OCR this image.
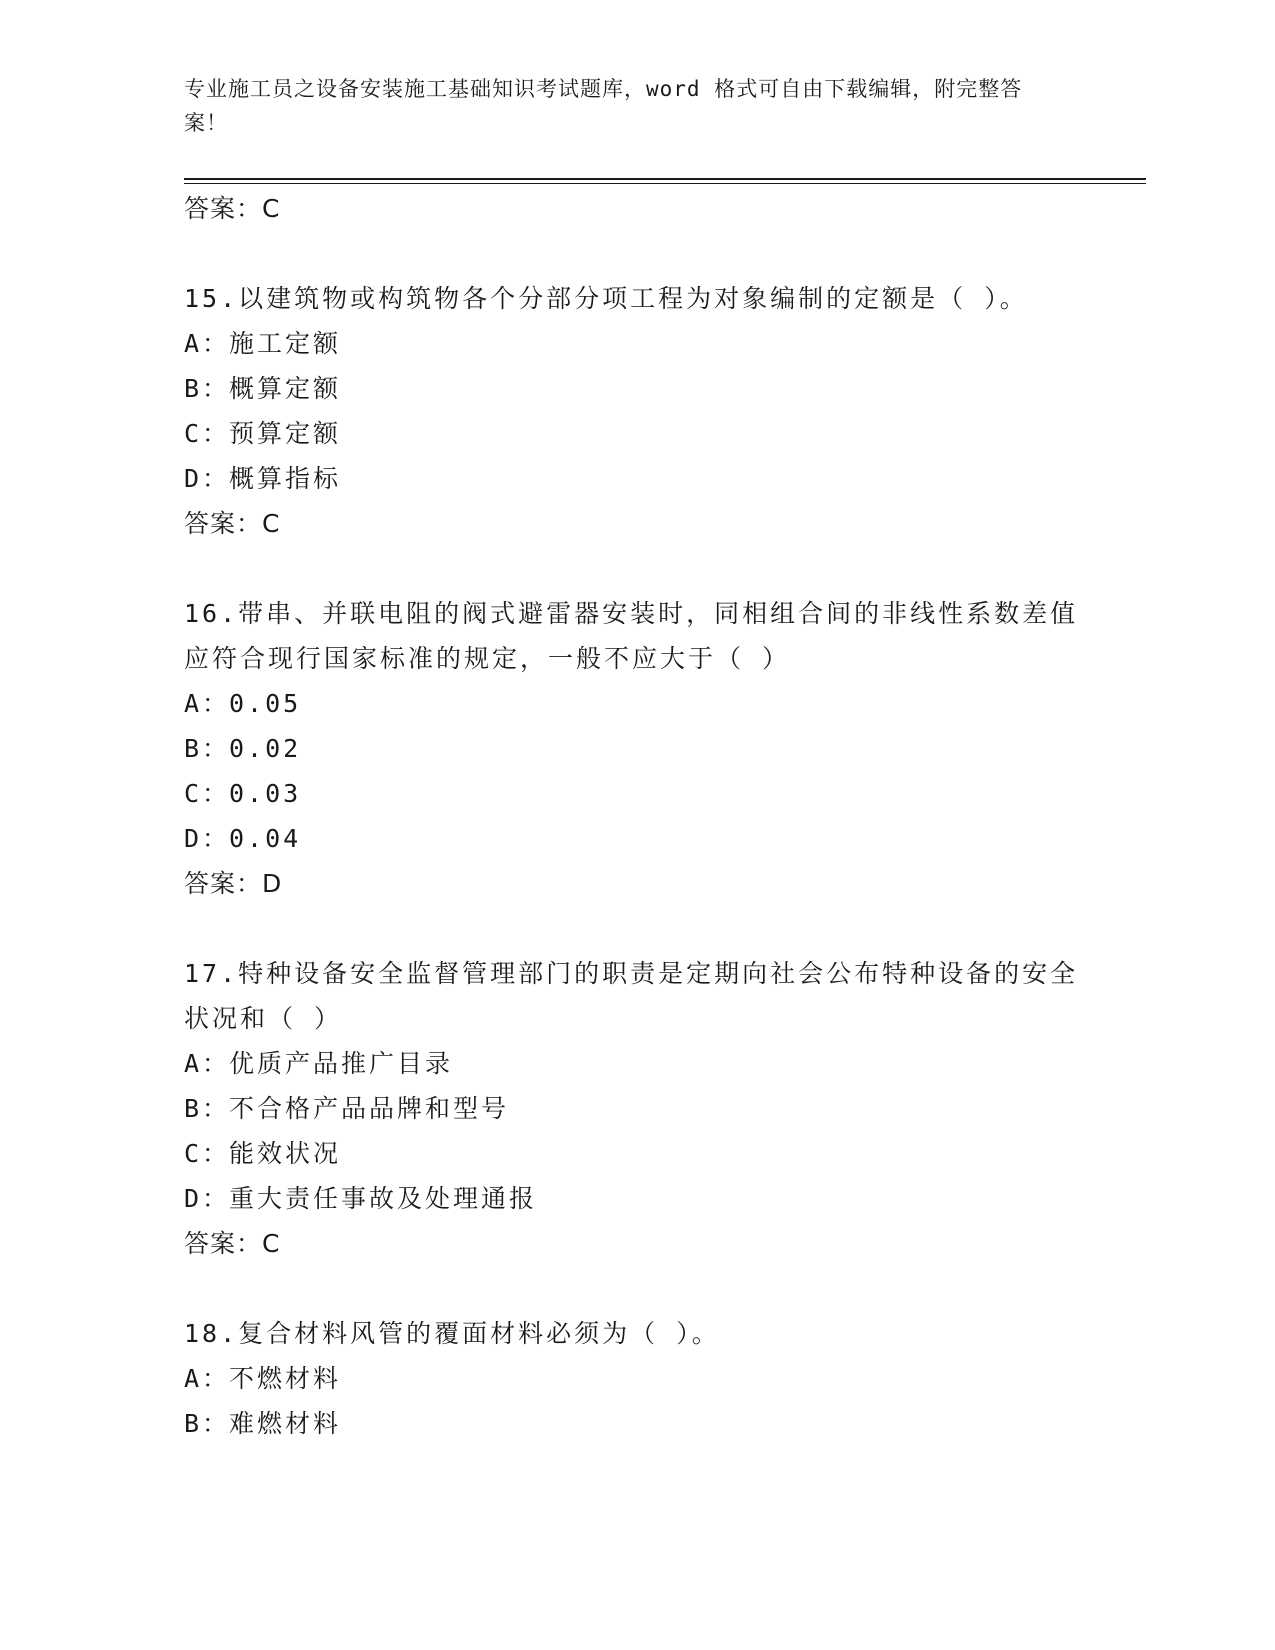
专业施工员之设备安装施工基础知识考试题库，word 格式可自由下载编辑，附完整答案！
答案：C
15.以建筑物或构筑物各个分部分项工程为对象编制的定额是（ ）。
A：施工定额
B：概算定额
C：预算定额
D：概算指标
答案：C
16.带串、并联电阻的阀式避雷器安装时，同相组合间的非线性系数差值应符合现行国家标准的规定，一般不应大于（ ）
A：0.05
B：0.02
C：0.03
D：0.04
答案：D
17.特种设备安全监督管理部门的职责是定期向社会公布特种设备的安全状况和（ ）
A：优质产品推广目录
B：不合格产品品牌和型号
C：能效状况
D：重大责任事故及处理通报
答案：C
18.复合材料风管的覆面材料必须为（ ）。
A：不燃材料
B：难燃材料
